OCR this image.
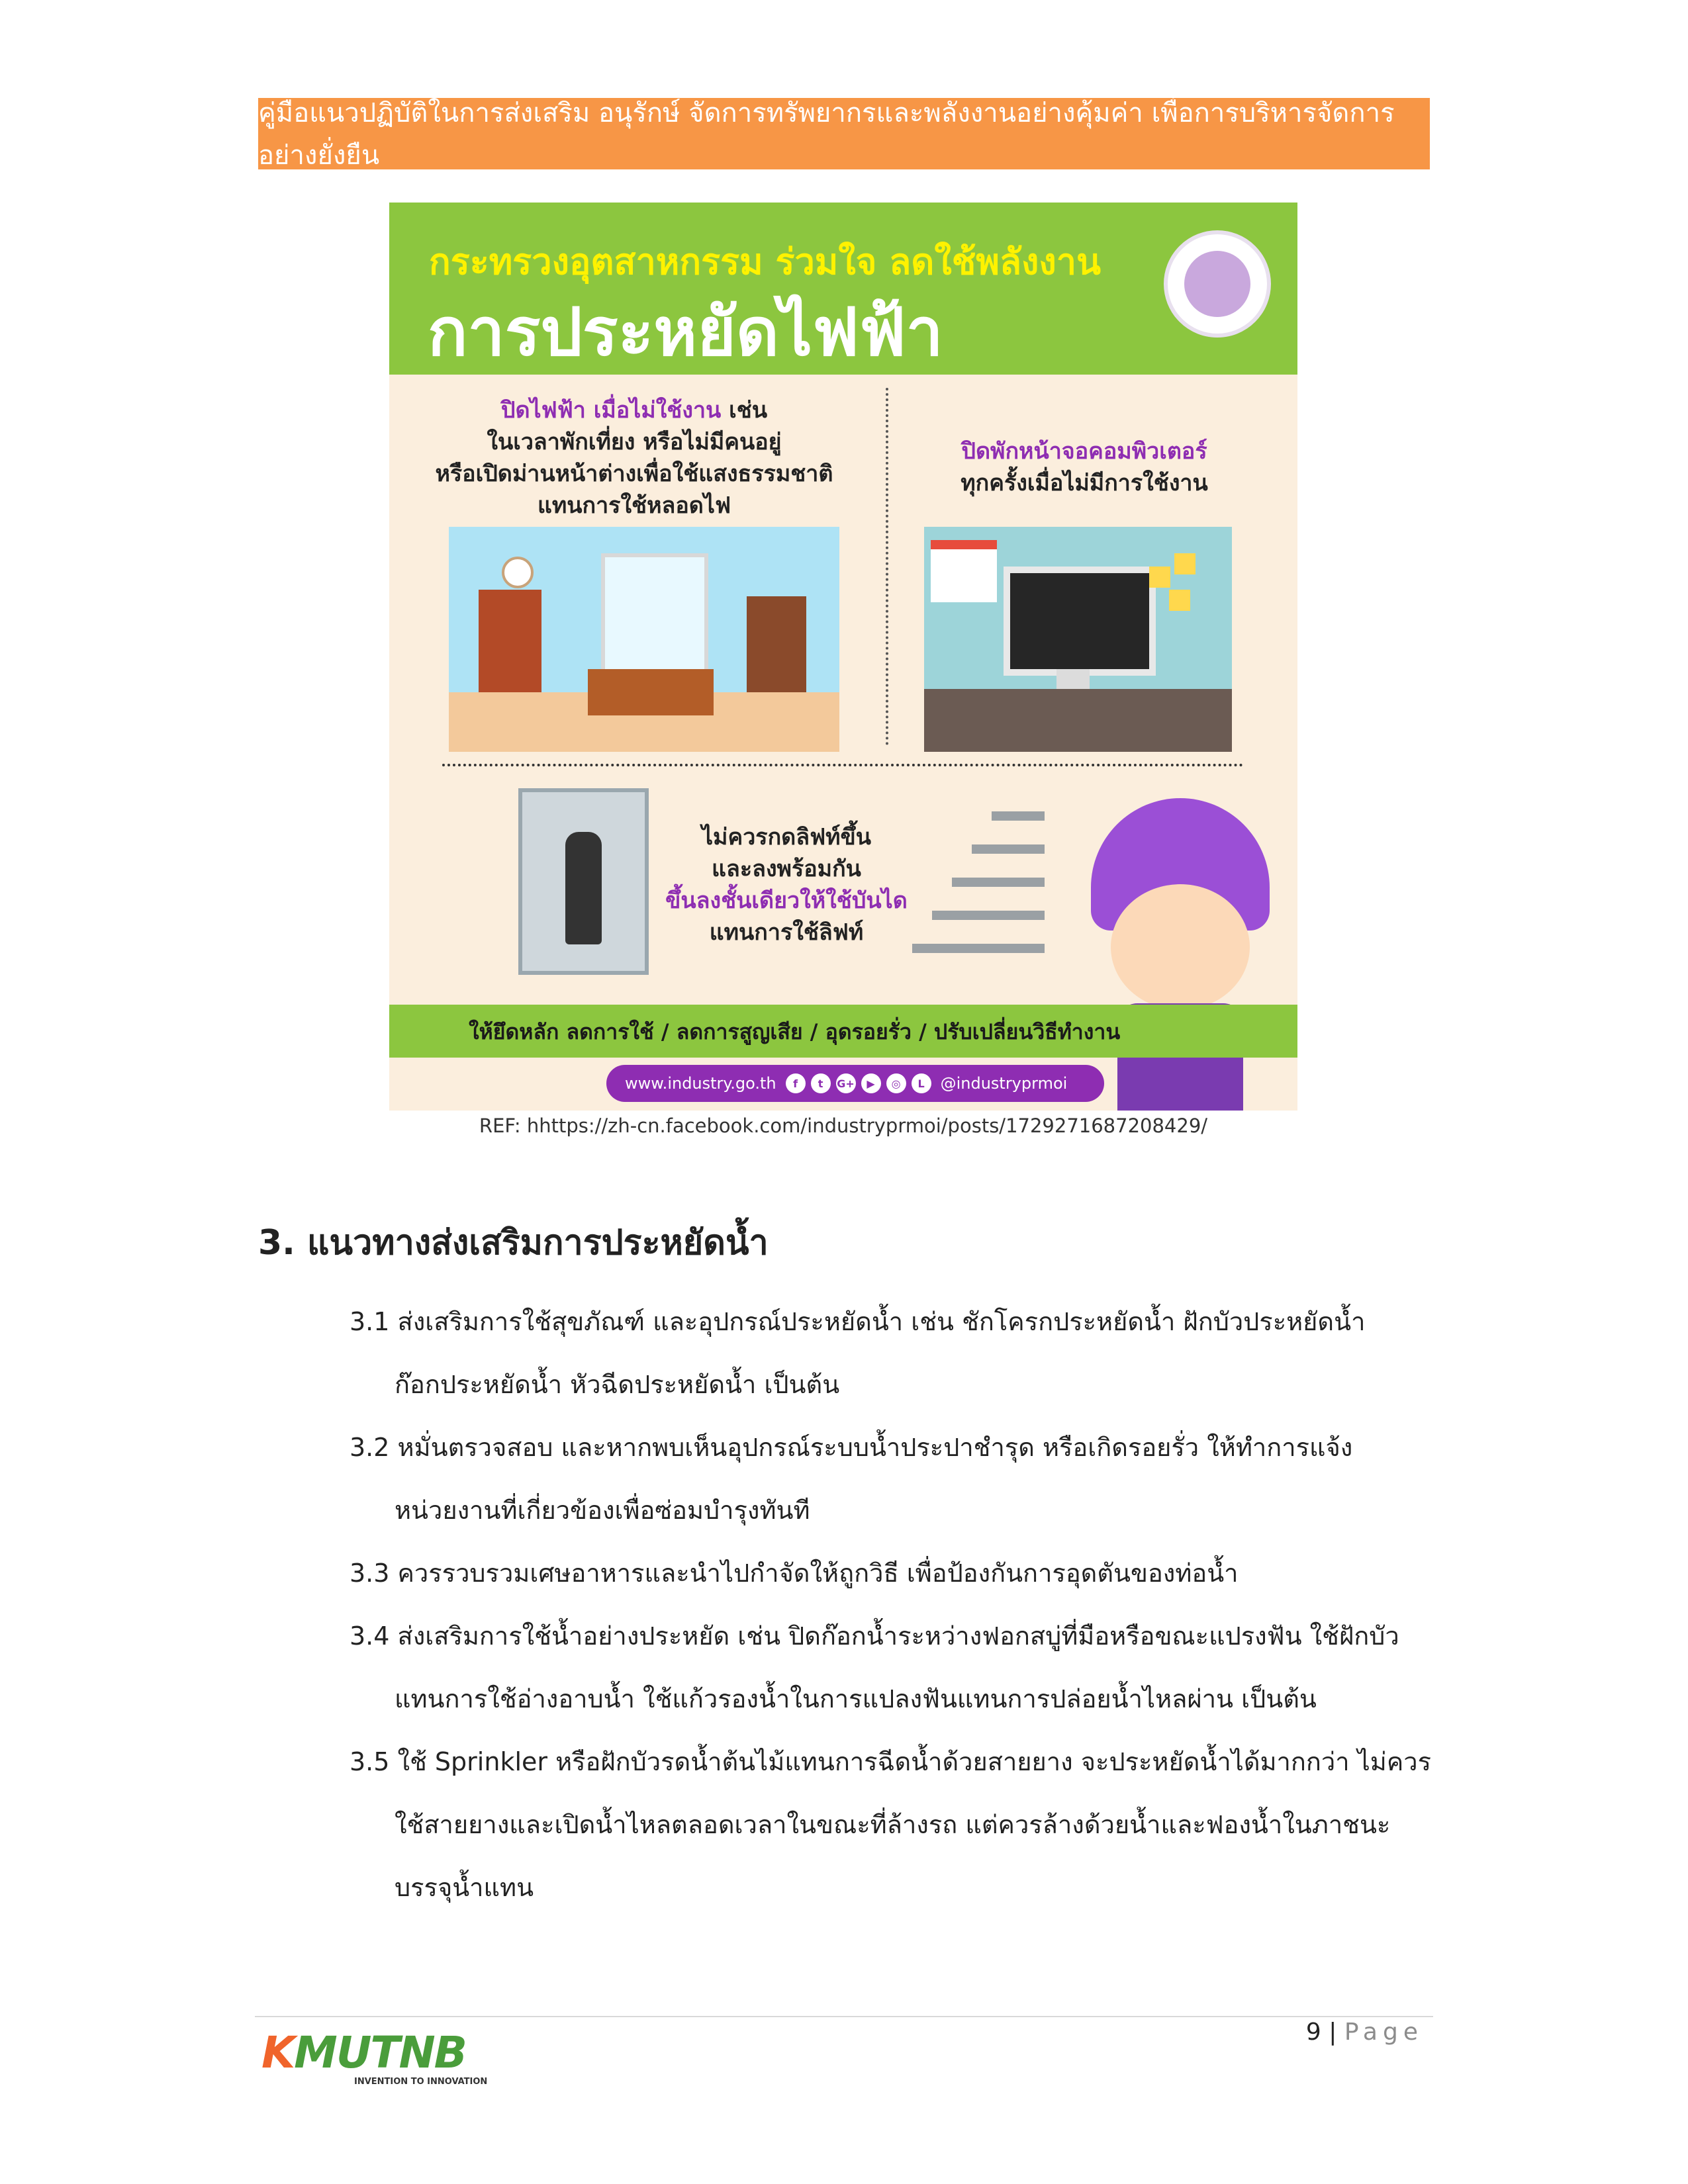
คู่มือแนวปฏิบัติในการส่งเสริม อนุรักษ์ จัดการทรัพยากรและพลังงานอย่างคุ้มค่า เพื่อการบริหารจัดการอย่างยั่งยืน
กระทรวงอุตสาหกรรม ร่วมใจ ลดใช้พลังงาน
การประหยัดไฟฟ้า
ปิดไฟฟ้า เมื่อไม่ใช้งาน เช่น
ในเวลาพักเที่ยง หรือไม่มีคนอยู่
หรือเปิดม่านหน้าต่างเพื่อใช้แสงธรรมชาติ
แทนการใช้หลอดไฟ
ปิดพักหน้าจอคอมพิวเตอร์
ทุกครั้งเมื่อไม่มีการใช้งาน
ไม่ควรกดลิฟท์ขึ้น
และลงพร้อมกัน
ขึ้นลงชั้นเดียวให้ใช้บันได
แทนการใช้ลิฟท์
ให้ยึดหลัก ลดการใช้ / ลดการสูญเสีย / อุดรอยรั่ว / ปรับเปลี่ยนวิธีทำงาน
www.industry.go.th	f	t	G+	▶	◎	L @industryprmoi
REF: hhttps://zh-cn.facebook.com/industryprmoi/posts/1729271687208429/
3. แนวทางส่งเสริมการประหยัดน้ำ
3.1 ส่งเสริมการใช้สุขภัณฑ์ และอุปกรณ์ประหยัดน้ำ เช่น ชักโครกประหยัดน้ำ ฝักบัวประหยัดน้ำ
ก๊อกประหยัดน้ำ หัวฉีดประหยัดน้ำ เป็นต้น
3.2 หมั่นตรวจสอบ และหากพบเห็นอุปกรณ์ระบบน้ำประปาชำรุด หรือเกิดรอยรั่ว ให้ทำการแจ้ง
หน่วยงานที่เกี่ยวข้องเพื่อซ่อมบำรุงทันที
3.3 ควรรวบรวมเศษอาหารและนำไปกำจัดให้ถูกวิธี เพื่อป้องกันการอุดตันของท่อน้ำ
3.4 ส่งเสริมการใช้น้ำอย่างประหยัด เช่น ปิดก๊อกน้ำระหว่างฟอกสบู่ที่มือหรือขณะแปรงฟัน ใช้ฝักบัว
แทนการใช้อ่างอาบน้ำ ใช้แก้วรองน้ำในการแปลงฟันแทนการปล่อยน้ำไหลผ่าน เป็นต้น
3.5 ใช้ Sprinkler หรือฝักบัวรดน้ำต้นไม้แทนการฉีดน้ำด้วยสายยาง จะประหยัดน้ำได้มากกว่า ไม่ควร
ใช้สายยางและเปิดน้ำไหลตลอดเวลาในขณะที่ล้างรถ แต่ควรล้างด้วยน้ำและฟองน้ำในภาชนะ
บรรจุน้ำแทน
9 | Page
KMUTNB
INVENTION TO INNOVATION
